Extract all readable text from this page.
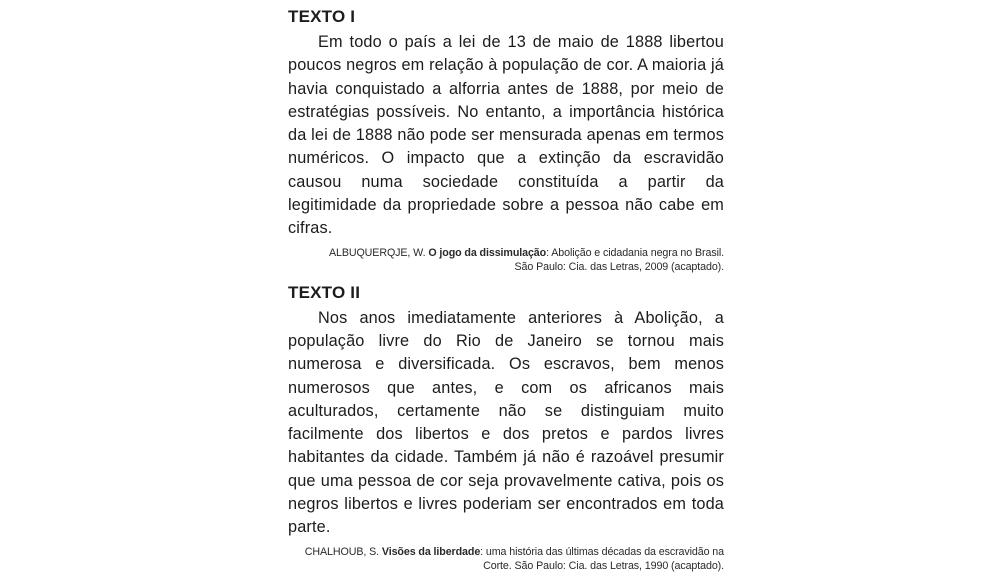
TEXTO I

Em todo o país a lei de 13 de maio de 1888 libertou poucos negros em relação à população de cor. A maioria já havia conquistado a alforria antes de 1888, por meio de estratégias possíveis. No entanto, a importância histórica da lei de 1888 não pode ser mensurada apenas em termos numéricos. O impacto que a extinção da escravidão causou numa sociedade constituída a partir da legitimidade da propriedade sobre a pessoa não cabe em cifras.

ALBUQUERQJE, W. O jogo da dissimulação: Abolição e cidadania negra no Brasil.
São Paulo: Cia. das Letras, 2009 (acaptado).
TEXTO II

Nos anos imediatamente anteriores à Abolição, a população livre do Rio de Janeiro se tornou mais numerosa e diversificada. Os escravos, bem menos numerosos que antes, e com os africanos mais aculturados, certamente não se distinguiam muito facilmente dos libertos e dos pretos e pardos livres habitantes da cidade. Também já não é razoável presumir que uma pessoa de cor seja provavelmente cativa, pois os negros libertos e livres poderiam ser encontrados em toda parte.

CHALHOUB, S. Visões da liberdade: uma história das últimas décadas da escravidão na
Corte. São Paulo: Cia. das Letras, 1990 (acaptado).
